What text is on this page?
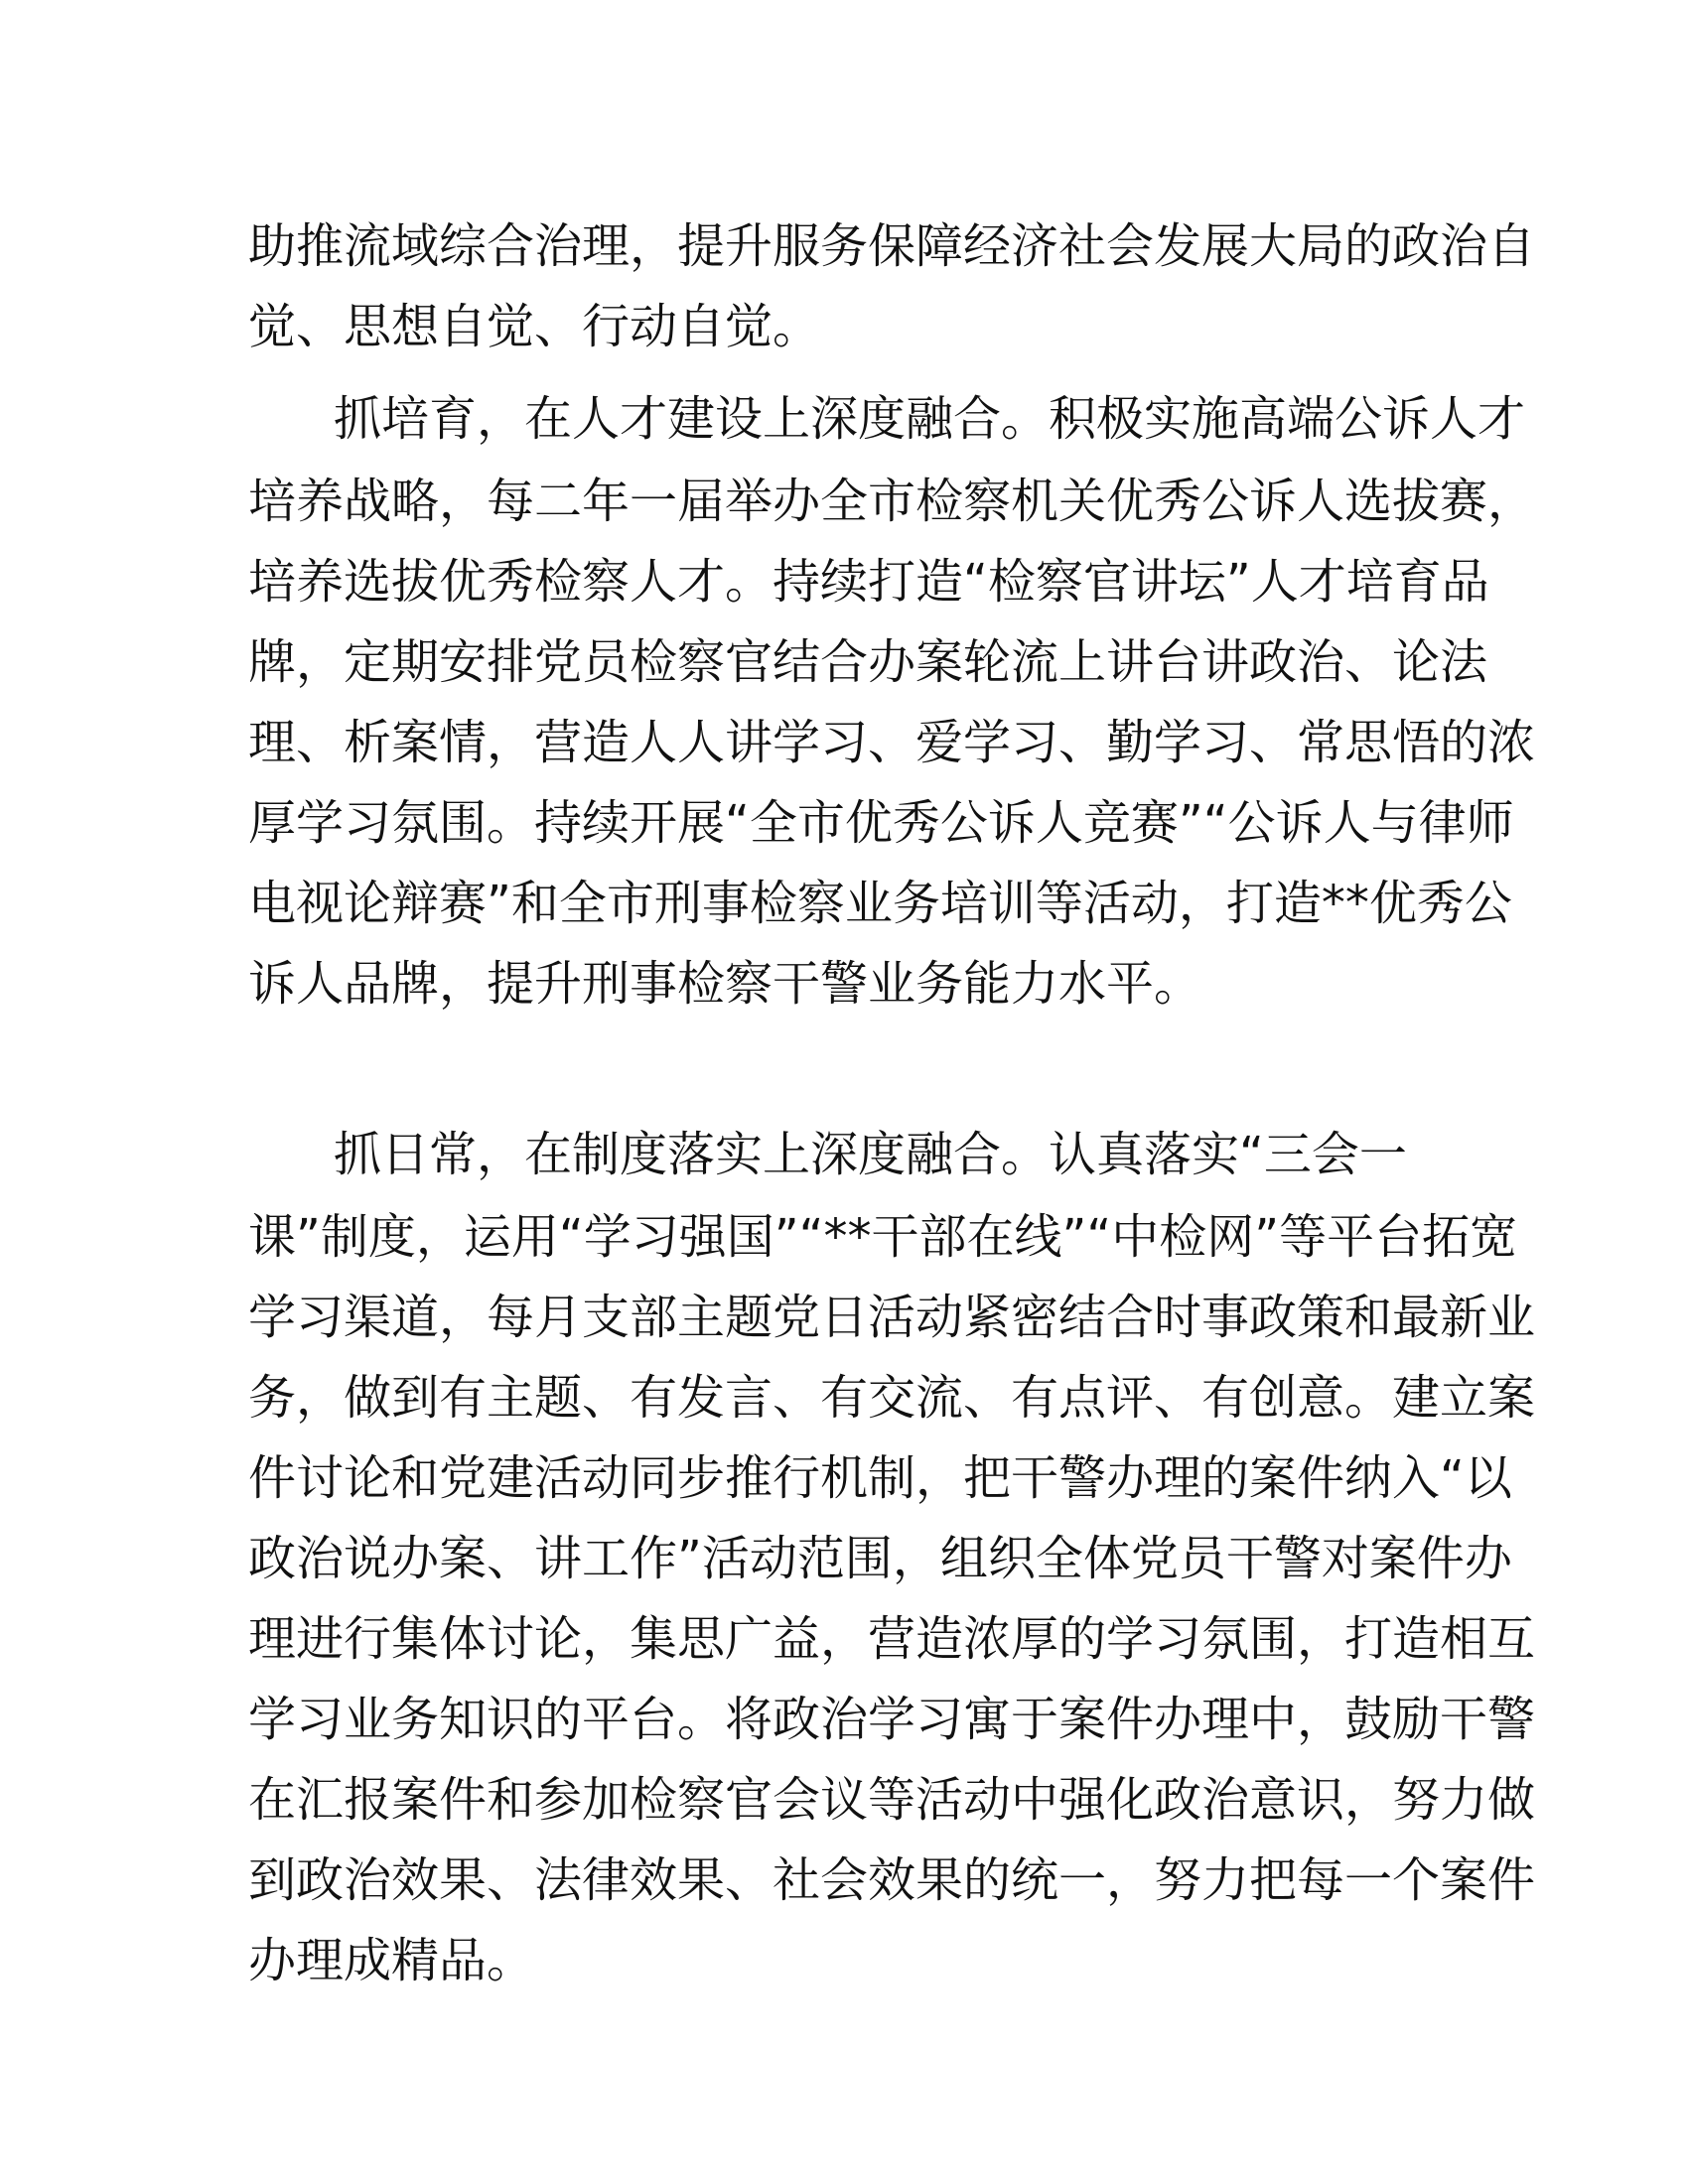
助推流域综合治理，提升服务保障经济社会发展大局的政治自

觉、思想自觉、行动自觉。

抓培育，在人才建设上深度融合。积极实施高端公诉人才

培养战略，每二年一届举办全市检察机关优秀公诉人选拔赛，

培养选拔优秀检察人才。持续打造“检察官讲坛”人才培育品

牌，定期安排党员检察官结合办案轮流上讲台讲政治、论法

理、析案情，营造人人讲学习、爱学习、勤学习、常思悟的浓

厚学习氛围。持续开展“全市优秀公诉人竞赛”“公诉人与律师

电视论辩赛”和全市刑事检察业务培训等活动，打造**优秀公

诉人品牌，提升刑事检察干警业务能力水平。

抓日常，在制度落实上深度融合。认真落实“三会一

课”制度，运用“学习强国”“**干部在线”“中检网”等平台拓宽

学习渠道，每月支部主题党日活动紧密结合时事政策和最新业

务，做到有主题、有发言、有交流、有点评、有创意。建立案

件讨论和党建活动同步推行机制，把干警办理的案件纳入“以

政治说办案、讲工作”活动范围，组织全体党员干警对案件办

理进行集体讨论，集思广益，营造浓厚的学习氛围，打造相互

学习业务知识的平台。将政治学习寓于案件办理中，鼓励干警

在汇报案件和参加检察官会议等活动中强化政治意识，努力做

到政治效果、法律效果、社会效果的统一，努力把每一个案件

办理成精品。
